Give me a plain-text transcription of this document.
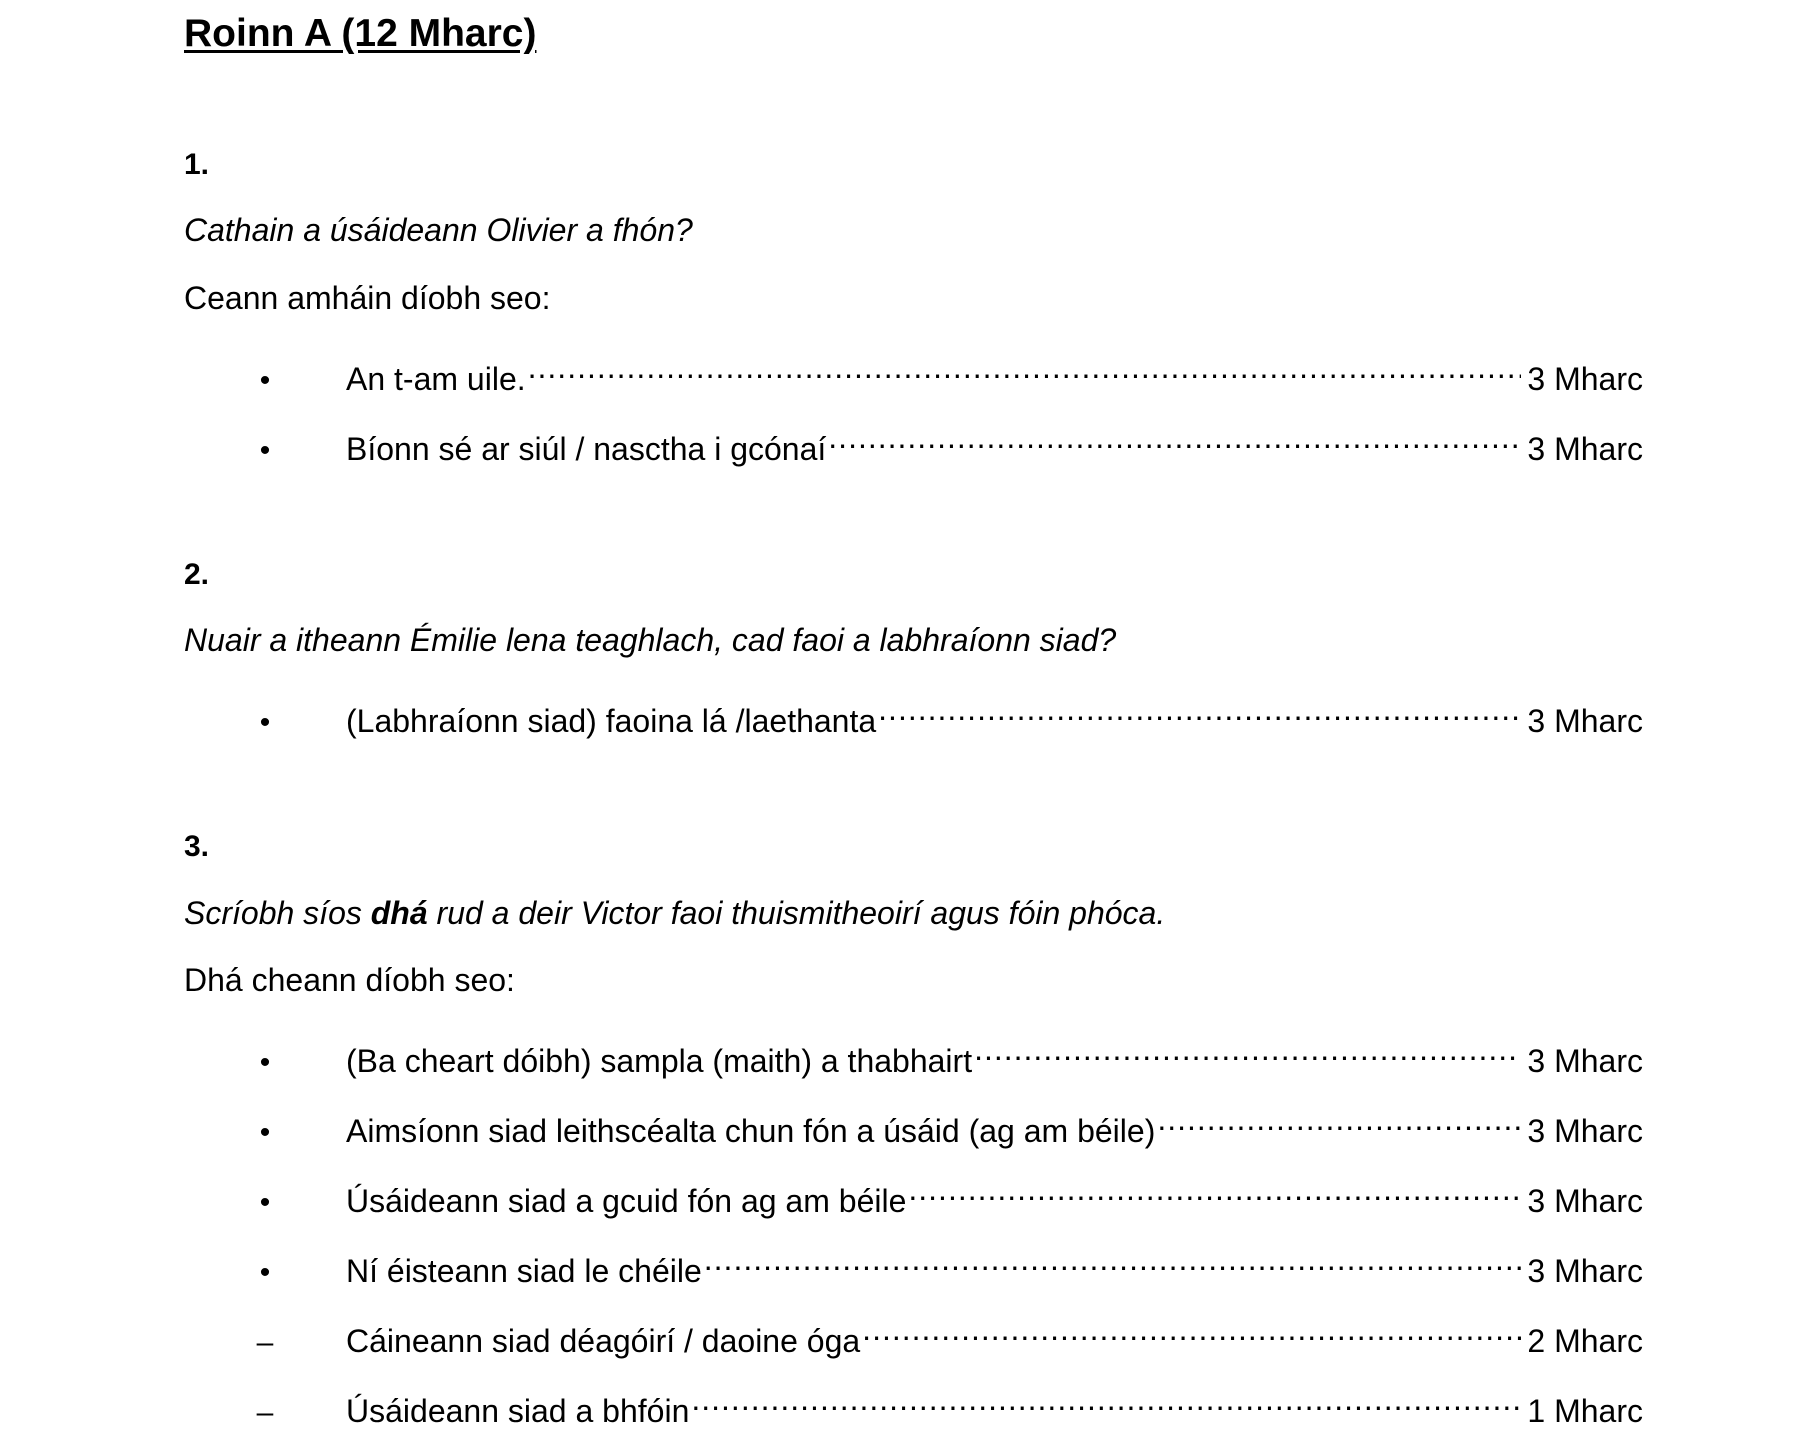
Roinn A (12 Mharc)
1.
Cathain a úsáideann Olivier a fhón?
Ceann amháin díobh seo:
•	An t-am uile. .....	3 Mharc
•	Bíonn sé ar siúl / nasctha i gcónaí .....	3 Mharc
2.
Nuair a itheann Émilie lena teaghlach, cad faoi a labhraíonn siad?
•	(Labhraíonn siad) faoina lá /laethanta .....	3 Mharc
3.
Scríobh síos dhá rud a deir Victor faoi thuismitheoirí agus fóin phóca.
Dhá cheann díobh seo:
•	(Ba cheart dóibh) sampla (maith) a thabhairt .....	3 Mharc
•	Aimsíonn siad leithscéalta chun fón a úsáid (ag am béile) .....	3 Mharc
•	Úsáideann siad a gcuid fón ag am béile .....	3 Mharc
•	Ní éisteann siad le chéile .....	3 Mharc
–	Cáineann siad déagóirí / daoine óga .....	2 Mharc
–	Úsáideann siad a bhfóin .....	1 Mharc
